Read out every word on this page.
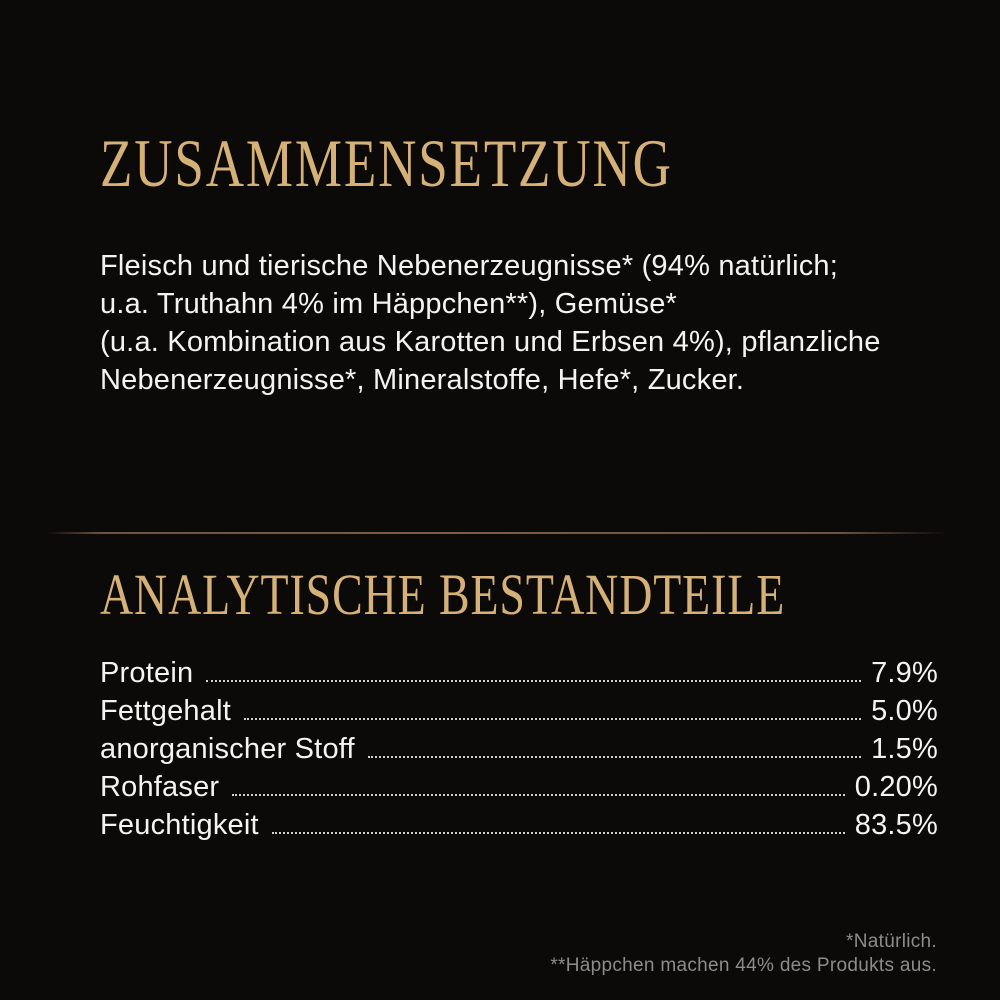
ZUSAMMENSETZUNG

Fleisch und tierische Nebenerzeugnisse* (94% natürlich;
u.a. Truthahn 4% im Häppchen**), Gemüse*
(u.a. Kombination aus Karotten und Erbsen 4%), pflanzliche
Nebenerzeugnisse*, Mineralstoffe, Hefe*, Zucker.

ANALYTISCHE BESTANDTEILE
Protein	7.9%
Fettgehalt	5.0%
anorganischer Stoff	1.5%
Rohfaser	0.20%
Feuchtigkeit	83.5%
*Natürlich.
**Häppchen machen 44% des Produkts aus.
